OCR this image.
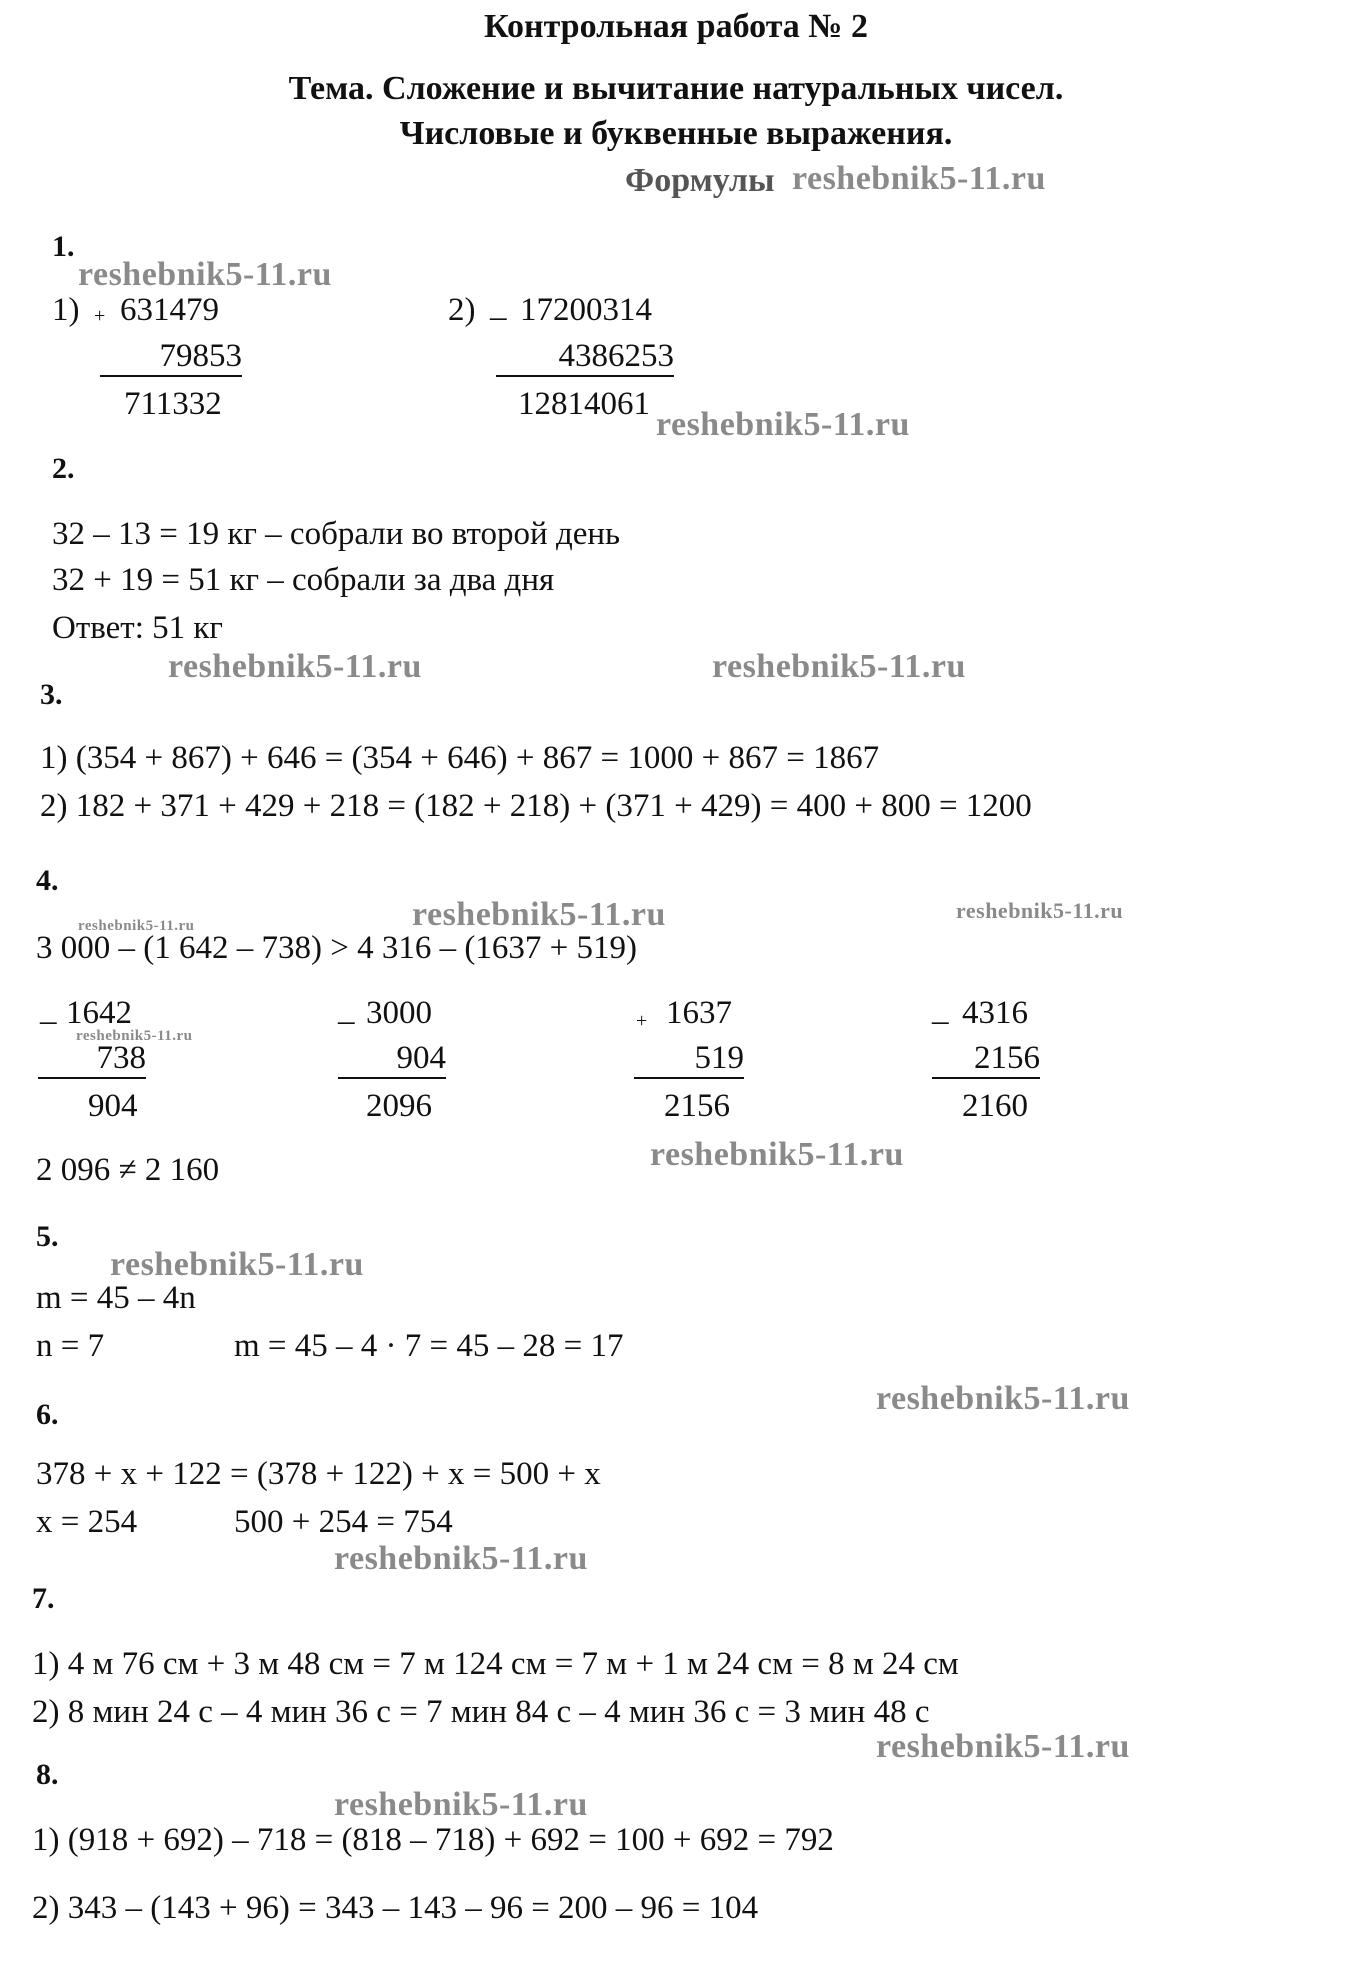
Контрольная работа № 2
Тема. Сложение и вычитание натуральных чисел.
Числовые и буквенные выражения.
Формулы reshebnik5-11.ru
1.
reshebnik5-11.ru
1) + 631479
79853
711332
2) _ 17200314
4386253
12814061
reshebnik5-11.ru
2.
32 – 13 = 19 кг – собрали во второй день
32 + 19 = 51 кг – собрали за два дня
Ответ: 51 кг
reshebnik5-11.ru	reshebnik5-11.ru
3.
1) (354 + 867) + 646 = (354 + 646) + 867 = 1000 + 867 = 1867
2) 182 + 371 + 429 + 218 = (182 + 218) + (371 + 429) = 400 + 800 = 1200
4.
reshebnik5-11.ru	reshebnik5-11.ru	reshebnik5-11.ru
3 000 – (1 642 – 738) > 4 316 – (1637 + 519)
_ 1642
reshebnik5-11.ru
738
904
_ 3000
904
2096
+ 1637
519
2156
_ 4316
2156
2160
2 096 ≠ 2 160	reshebnik5-11.ru
5.
reshebnik5-11.ru
m = 45 – 4n
n = 7	m = 45 – 4 · 7 = 45 – 28 = 17
6.	reshebnik5-11.ru
378 + x + 122 = (378 + 122) + x = 500 + x
x = 254	500 + 254 = 754
reshebnik5-11.ru
7.
1) 4 м 76 см + 3 м 48 см = 7 м 124 см = 7 м + 1 м 24 см = 8 м 24 см
2) 8 мин 24 с – 4 мин 36 с = 7 мин 84 с – 4 мин 36 с = 3 мин 48 с
reshebnik5-11.ru
8.
reshebnik5-11.ru
1) (918 + 692) – 718 = (818 – 718) + 692 = 100 + 692 = 792
2) 343 – (143 + 96) = 343 – 143 – 96 = 200 – 96 = 104
